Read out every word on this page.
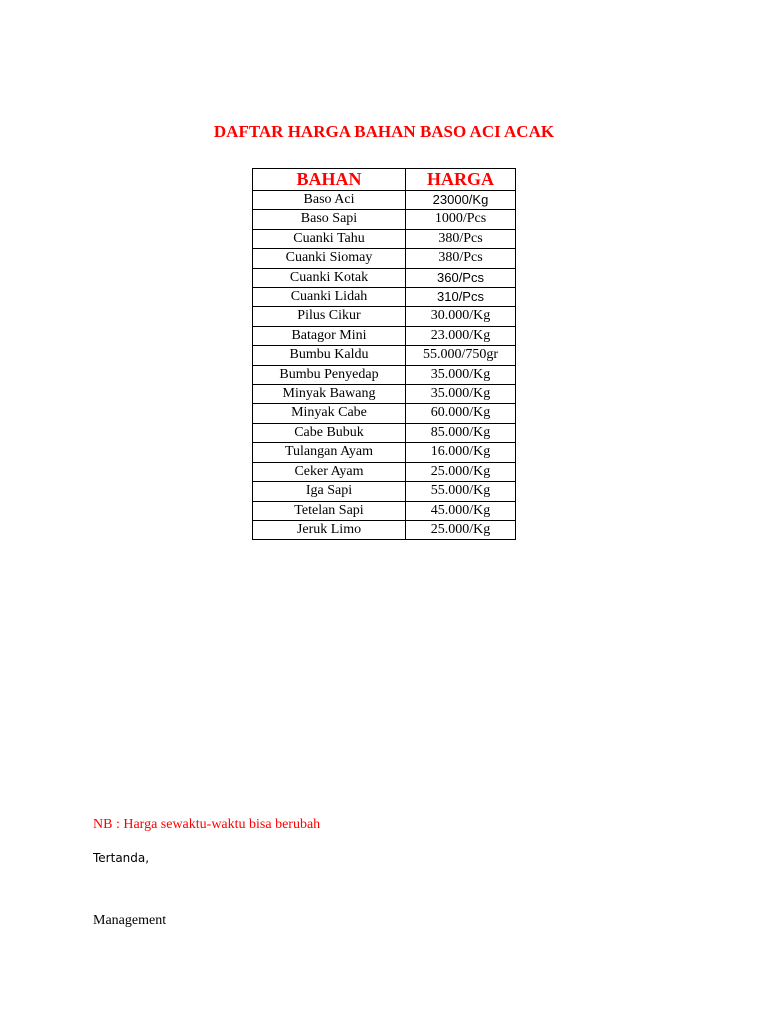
DAFTAR HARGA BAHAN BASO ACI ACAK
BAHAN	HARGA
Baso Aci	23000/Kg
Baso Sapi	1000/Pcs
Cuanki Tahu	380/Pcs
Cuanki Siomay	380/Pcs
Cuanki Kotak	360/Pcs
Cuanki Lidah	310/Pcs
Pilus Cikur	30.000/Kg
Batagor Mini	23.000/Kg
Bumbu Kaldu	55.000/750gr
Bumbu Penyedap	35.000/Kg
Minyak Bawang	35.000/Kg
Minyak Cabe	60.000/Kg
Cabe Bubuk	85.000/Kg
Tulangan Ayam	16.000/Kg
Ceker Ayam	25.000/Kg
Iga Sapi	55.000/Kg
Tetelan Sapi	45.000/Kg
Jeruk Limo	25.000/Kg
NB : Harga sewaktu-waktu bisa berubah
Tertanda,
Management
